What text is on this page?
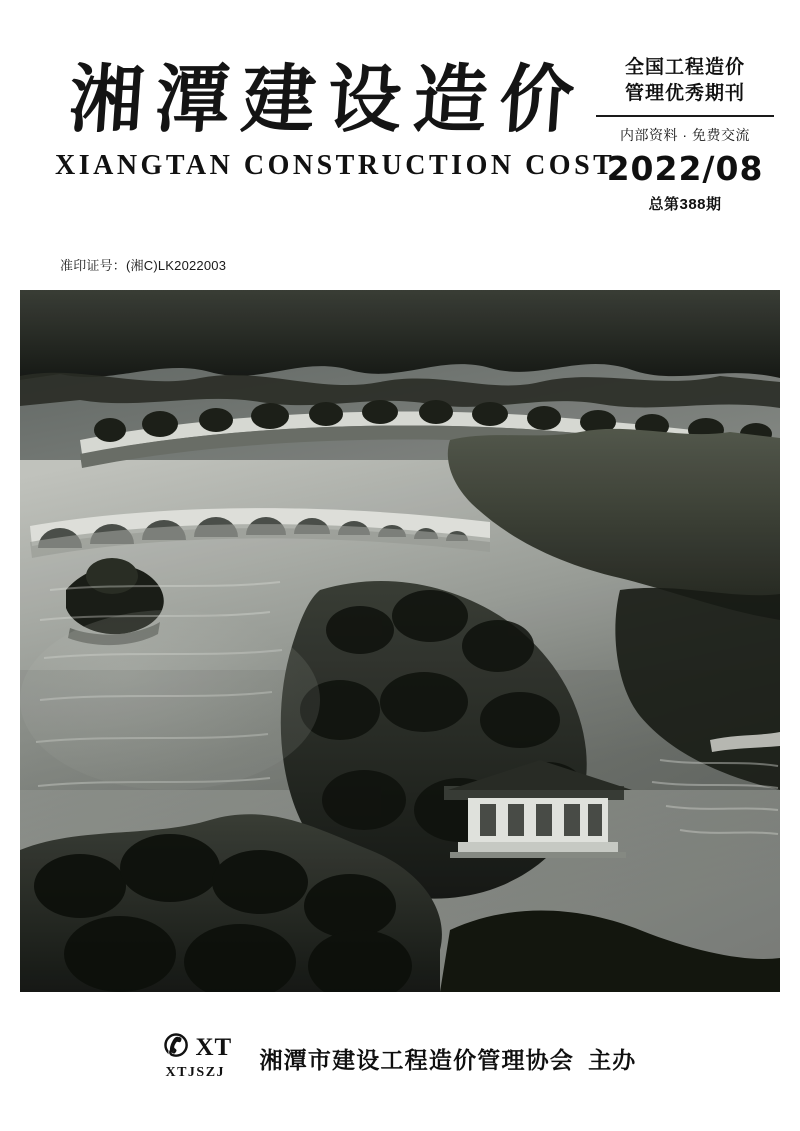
湘潭建设造价
XIANGTAN CONSTRUCTION COST
准印证号：(湘C)LK2022003
全国工程造价
管理优秀期刊
内部资料 · 免费交流
2022/08
总第388期
✆ XT
XTJSZJ 湘潭市建设工程造价管理协会 主办
